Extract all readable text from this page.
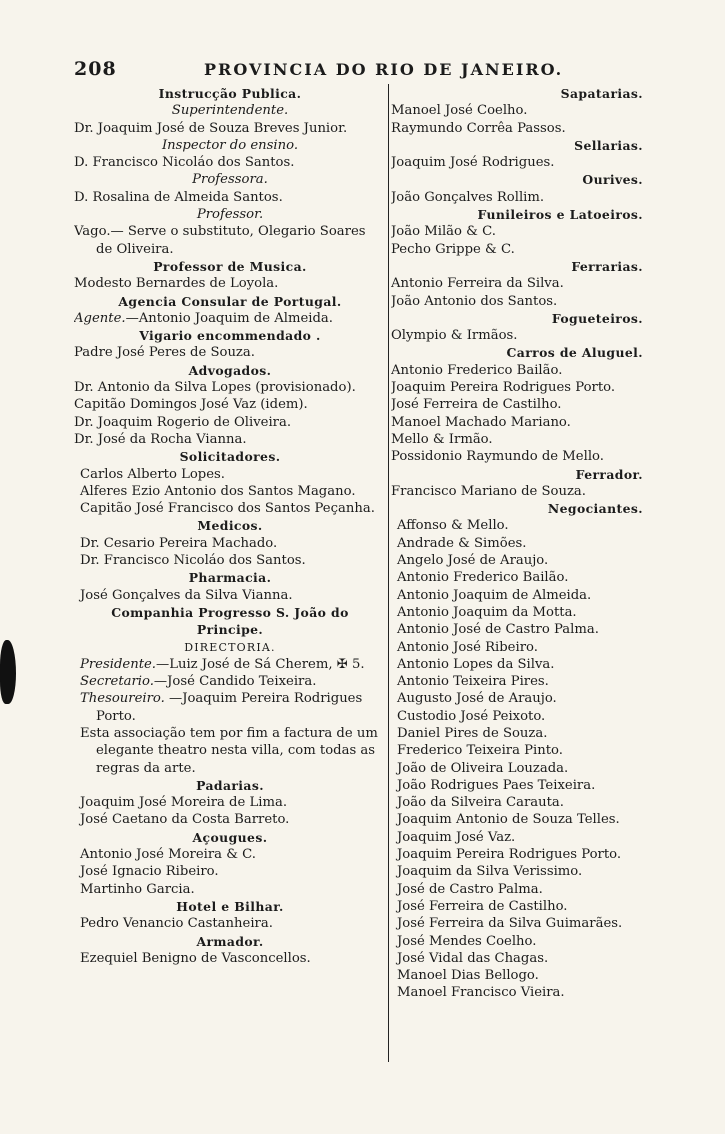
208	PROVINCIA DO RIO DE JANEIRO.
Instrucção Publica.
Superintendente.
Dr. Joaquim José de Souza Breves Junior.
Inspector do ensino.
D. Francisco Nicoláo dos Santos.
Professora.
D. Rosalina de Almeida Santos.
Professor.
Vago.— Serve o substituto, Olegario Soares
de Oliveira.
Professor de Musica.
Modesto Bernardes de Loyola.
Agencia Consular de Portugal.
Agente.—Antonio Joaquim de Almeida.
Vigario encommendado .
Padre José Peres de Souza.
Advogados.
Dr. Antonio da Silva Lopes (provisionado).
Capitão Domingos José Vaz (idem).
Dr. Joaquim Rogerio de Oliveira.
Dr. José da Rocha Vianna.
Solicitadores.
Carlos Alberto Lopes.
Alferes Ezio Antonio dos Santos Magano.
Capitão José Francisco dos Santos Peçanha.
Medicos.
Dr. Cesario Pereira Machado.
Dr. Francisco Nicoláo dos Santos.
Pharmacia.
José Gonçalves da Silva Vianna.
Companhia Progresso S. João do
Principe.
DIRECTORIA.
Presidente.—Luiz José de Sá Cherem, ✠ 5.
Secretario.—José Candido Teixeira.
Thesoureiro. —Joaquim Pereira Rodrigues
Porto.
Esta associação tem por fim a factura de um
elegante theatro nesta villa, com todas as
regras da arte.
Padarias.
Joaquim José Moreira de Lima.
José Caetano da Costa Barreto.
Açougues.
Antonio José Moreira & C.
José Ignacio Ribeiro.
Martinho Garcia.
Hotel e Bilhar.
Pedro Venancio Castanheira.
Armador.
Ezequiel Benigno de Vasconcellos.
Sapatarias.
Manoel José Coelho.
Raymundo Corrêa Passos.
Sellarias.
Joaquim José Rodrigues.
Ourives.
João Gonçalves Rollim.
Funileiros e Latoeiros.
João Milão & C.
Pecho Grippe & C.
Ferrarias.
Antonio Ferreira da Silva.
João Antonio dos Santos.
Fogueteiros.
Olympio & Irmãos.
Carros de Aluguel.
Antonio Frederico Bailão.
Joaquim Pereira Rodrigues Porto.
José Ferreira de Castilho.
Manoel Machado Mariano.
Mello & Irmão.
Possidonio Raymundo de Mello.
Ferrador.
Francisco Mariano de Souza.
Negociantes.
Affonso & Mello.
Andrade & Simões.
Angelo José de Araujo.
Antonio Frederico Bailão.
Antonio Joaquim de Almeida.
Antonio Joaquim da Motta.
Antonio José de Castro Palma.
Antonio José Ribeiro.
Antonio Lopes da Silva.
Antonio Teixeira Pires.
Augusto José de Araujo.
Custodio José Peixoto.
Daniel Pires de Souza.
Frederico Teixeira Pinto.
João de Oliveira Louzada.
João Rodrigues Paes Teixeira.
João da Silveira Carauta.
Joaquim Antonio de Souza Telles.
Joaquim José Vaz.
Joaquim Pereira Rodrigues Porto.
Joaquim da Silva Verissimo.
José de Castro Palma.
José Ferreira de Castilho.
José Ferreira da Silva Guimarães.
José Mendes Coelho.
José Vidal das Chagas.
Manoel Dias Bellogo.
Manoel Francisco Vieira.
